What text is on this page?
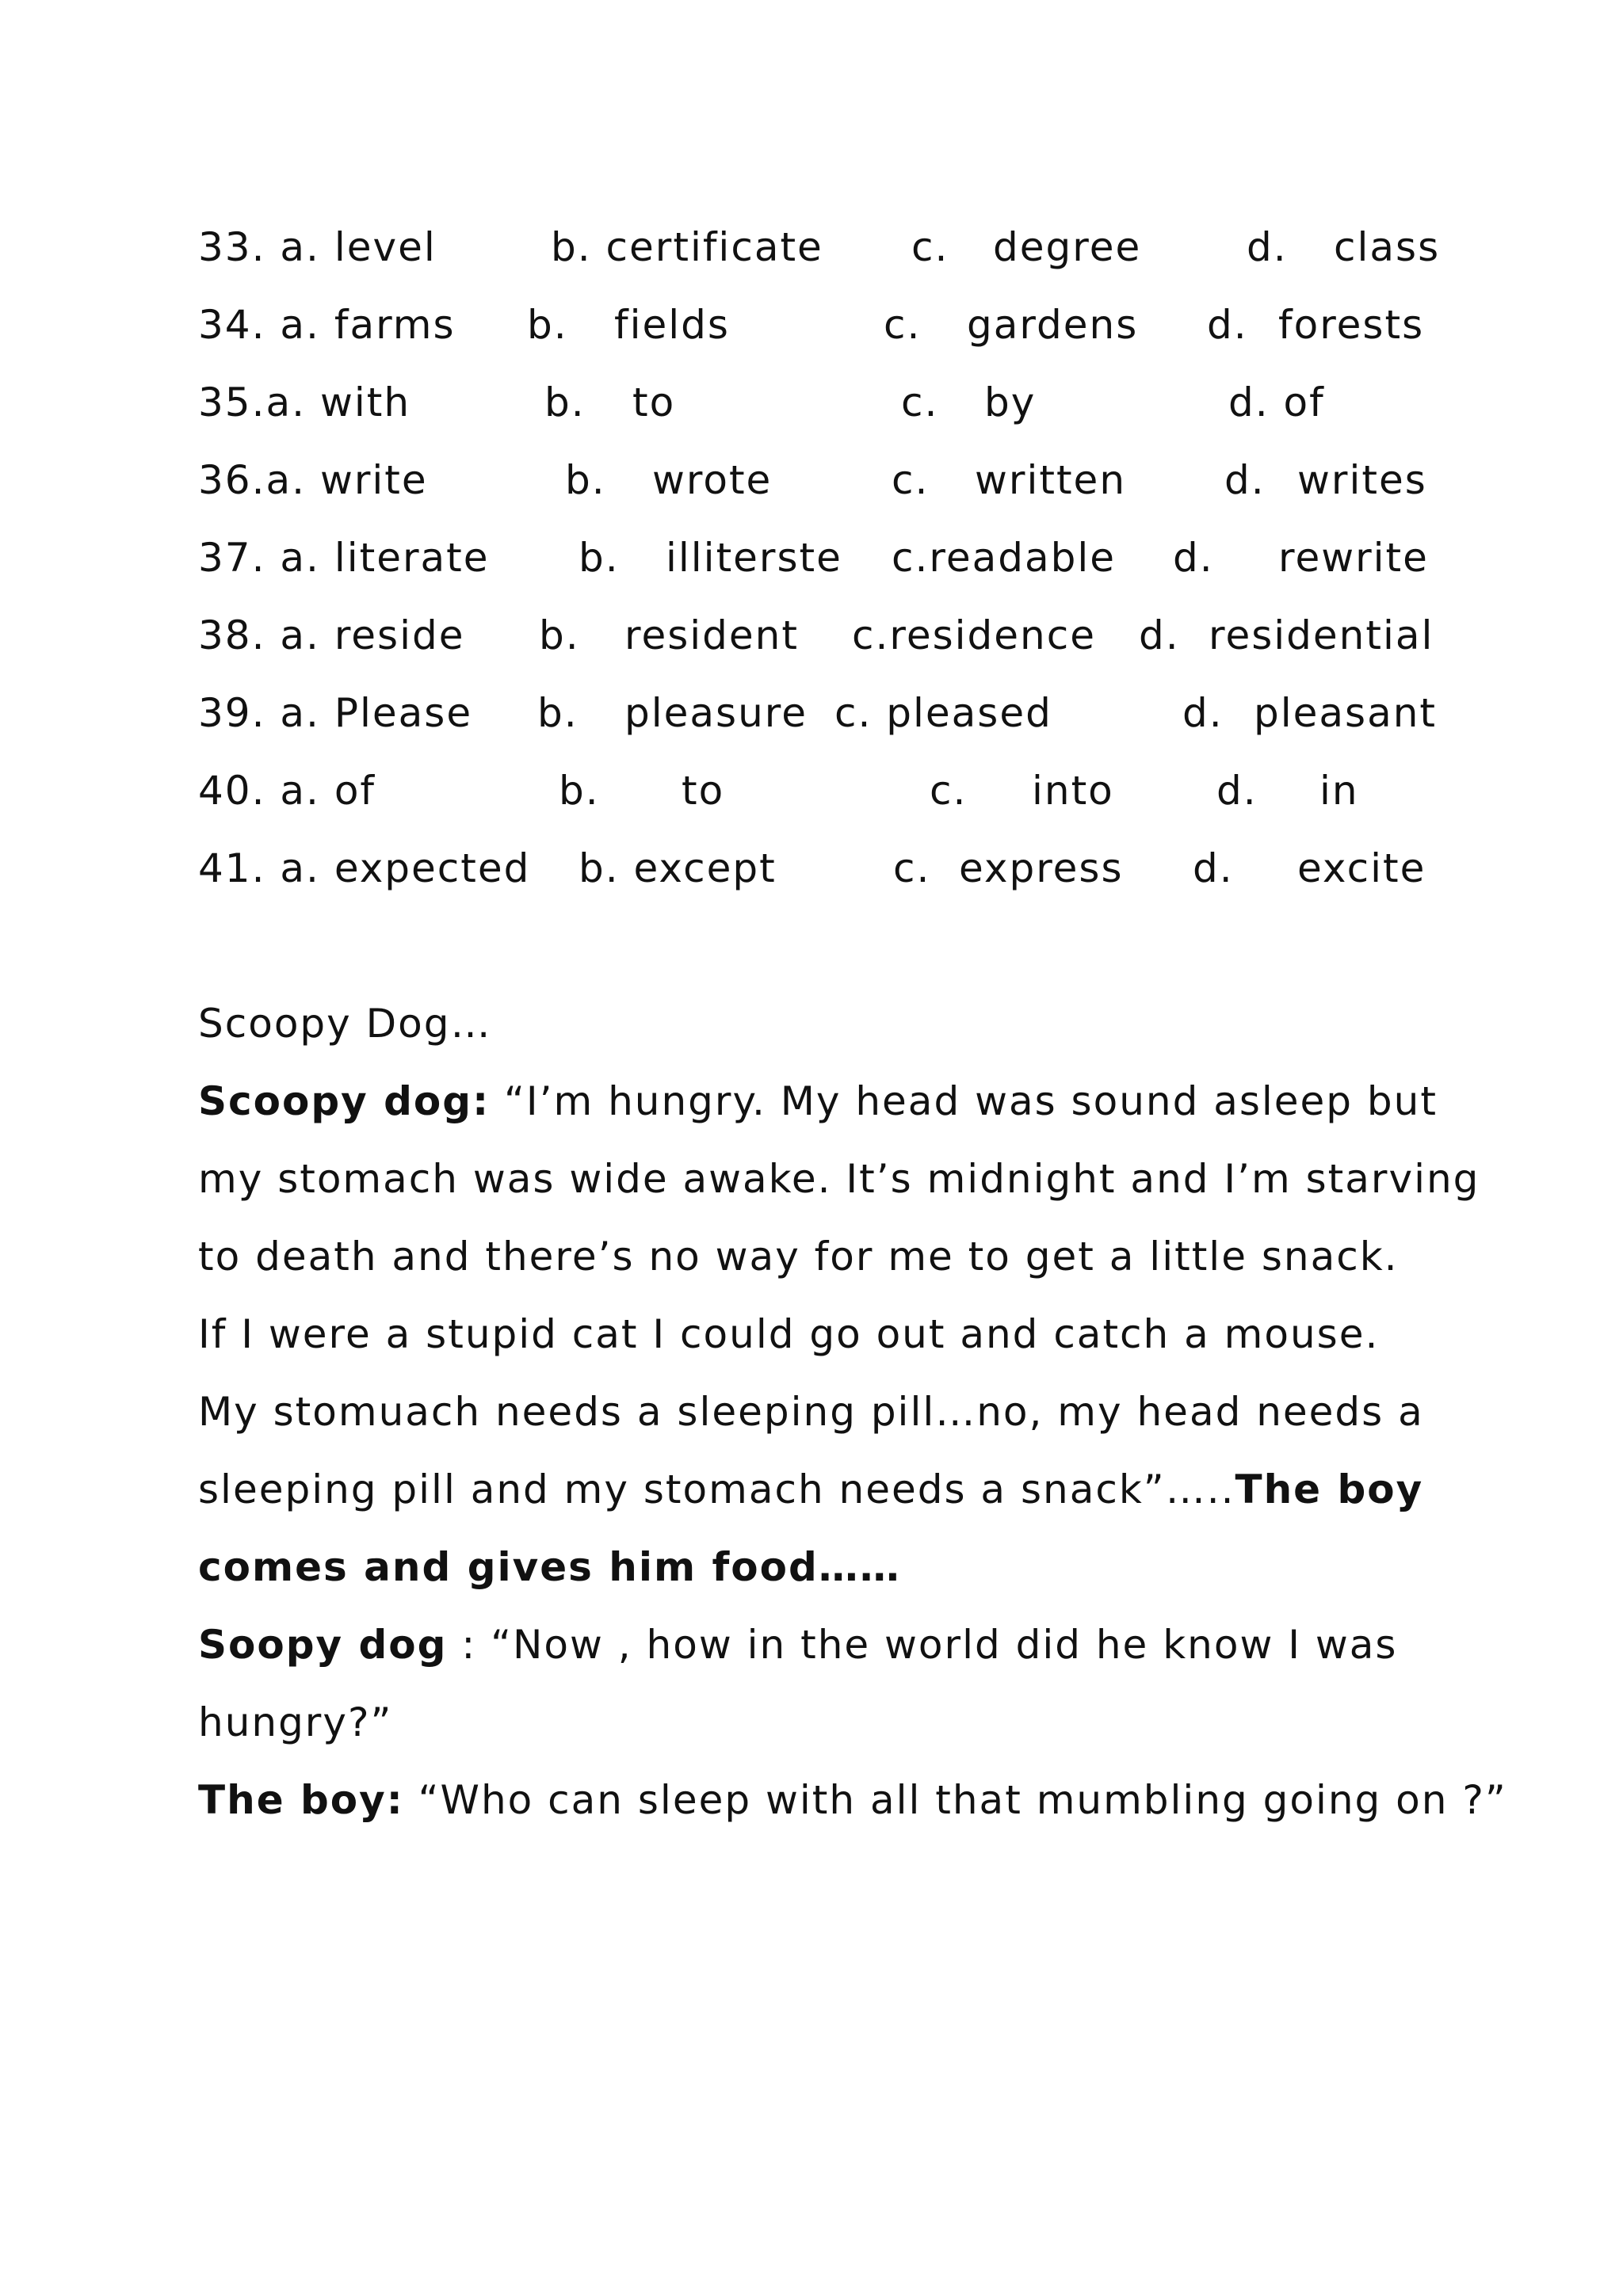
33. a. level	b. certificate c. degree	d. class
34. a. farms b. fields	c. gardens d. forests
35.a. with	b. to	c. by	d. of
36.a. write	b. wrote	c. written d. writes
37. a. literate b. illiterste c.readable d. rewrite
38. a. reside b. resident c.residence d. residential
39. a. Please b. pleasure c. pleased	d. pleasant
40. a. of	b. to	c. into	d. in
41. a. expected b. except	c. express d. excite
Scoopy Dog…
Scoopy dog: “I’m hungry. My head was sound asleep but
my stomach was wide awake. It’s midnight and I’m starving
to death and there’s no way for me to get a little snack.
If I were a stupid cat I could go out and catch a mouse.
My stomuach needs a sleeping pill…no, my head needs a
sleeping pill and my stomach needs a snack”…..The boy
comes and gives him food……
Soopy dog : “Now , how in the world did he know I was
hungry?”
The boy: “Who can sleep with all that mumbling going on ?”
